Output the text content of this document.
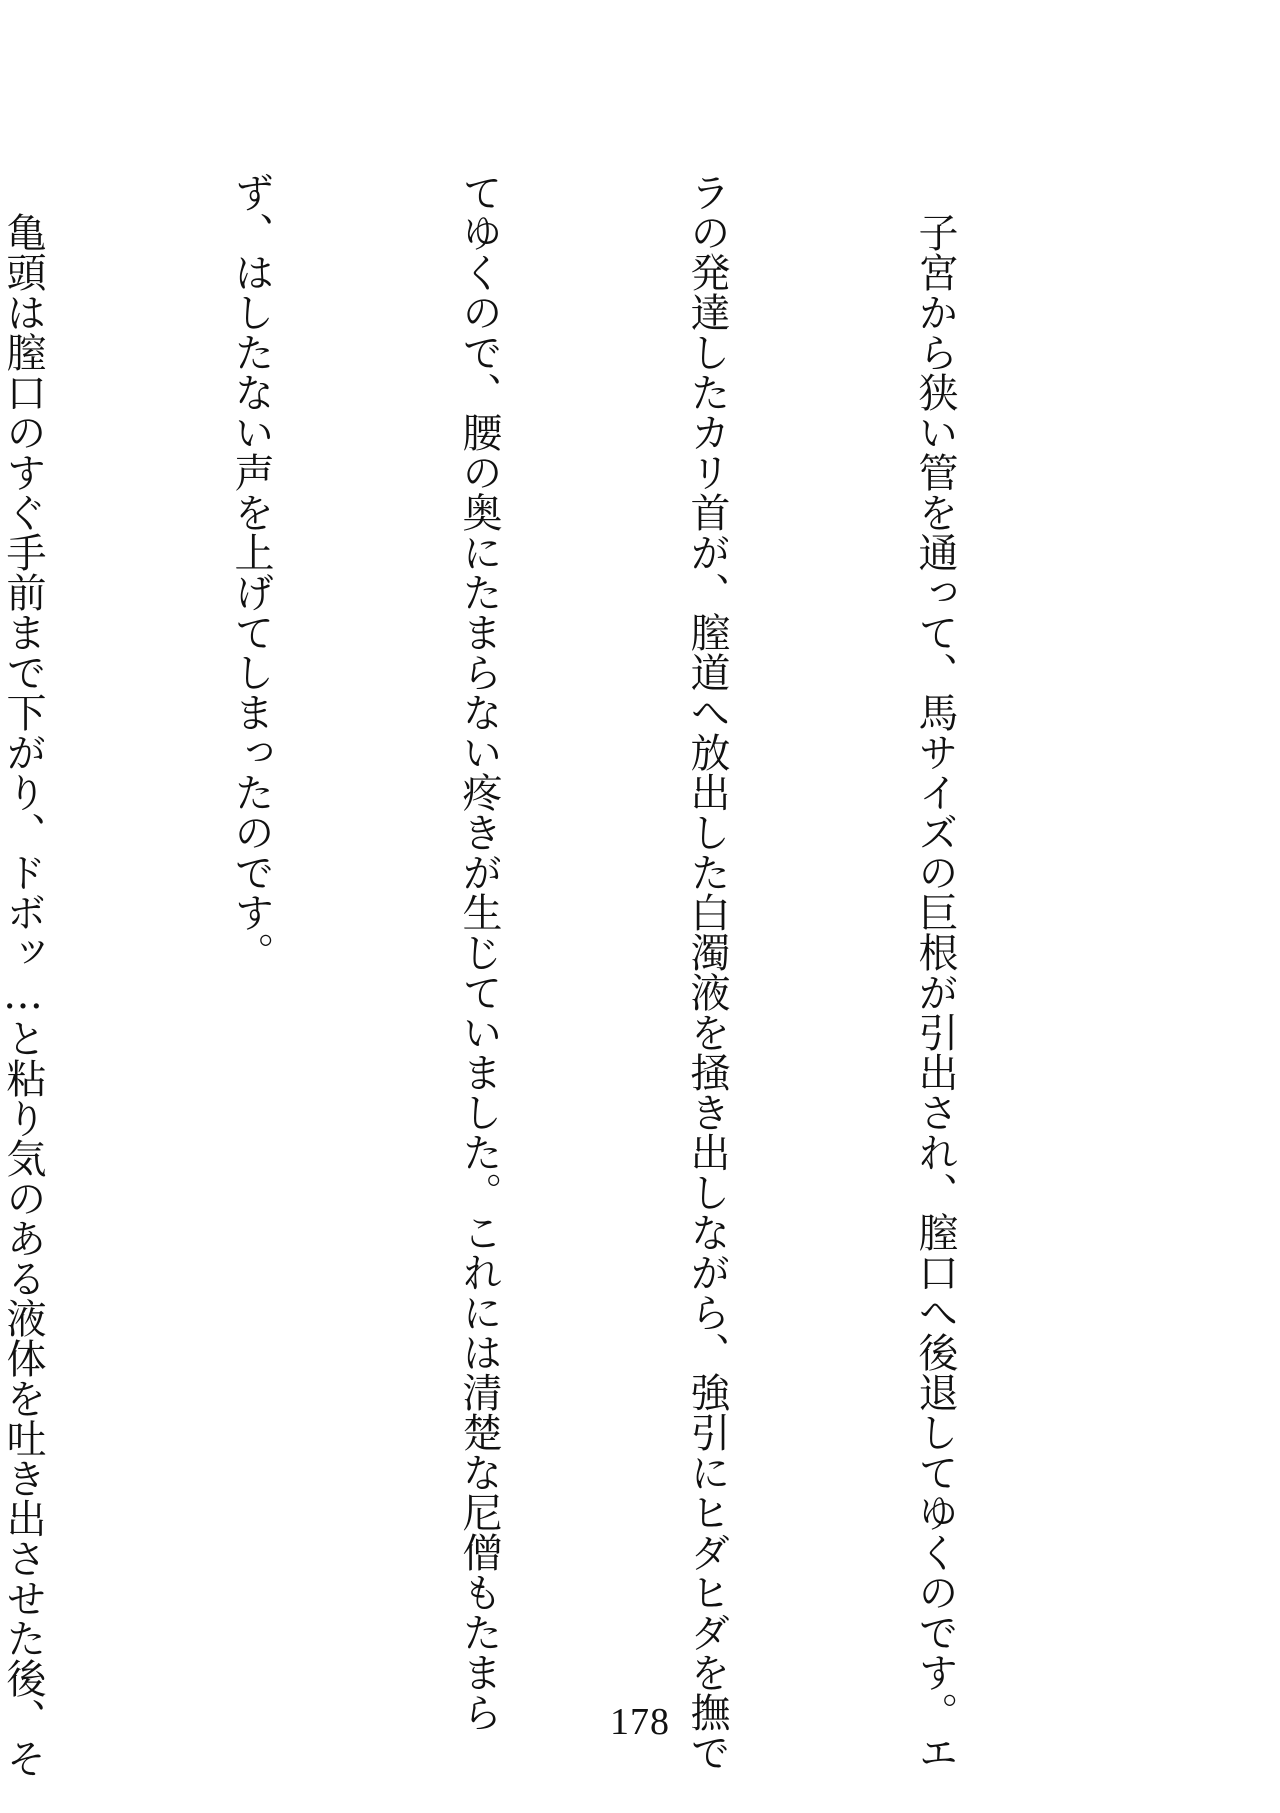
子宮から狭い管を通って、馬サイズの巨根が引出され、膣口へ後退してゆくのです。エ

ラの発達したカリ首が、膣道へ放出した白濁液を掻き出しながら、強引にヒダヒダを撫で

てゆくので、腰の奥にたまらない疼きが生じていました。これには清楚な尼僧もたまら

ず、はしたない声を上げてしまったのです。

亀頭は膣口のすぐ手前まで下がり、ドボッ…と粘り気のある液体を吐き出させた後、そ

	178
